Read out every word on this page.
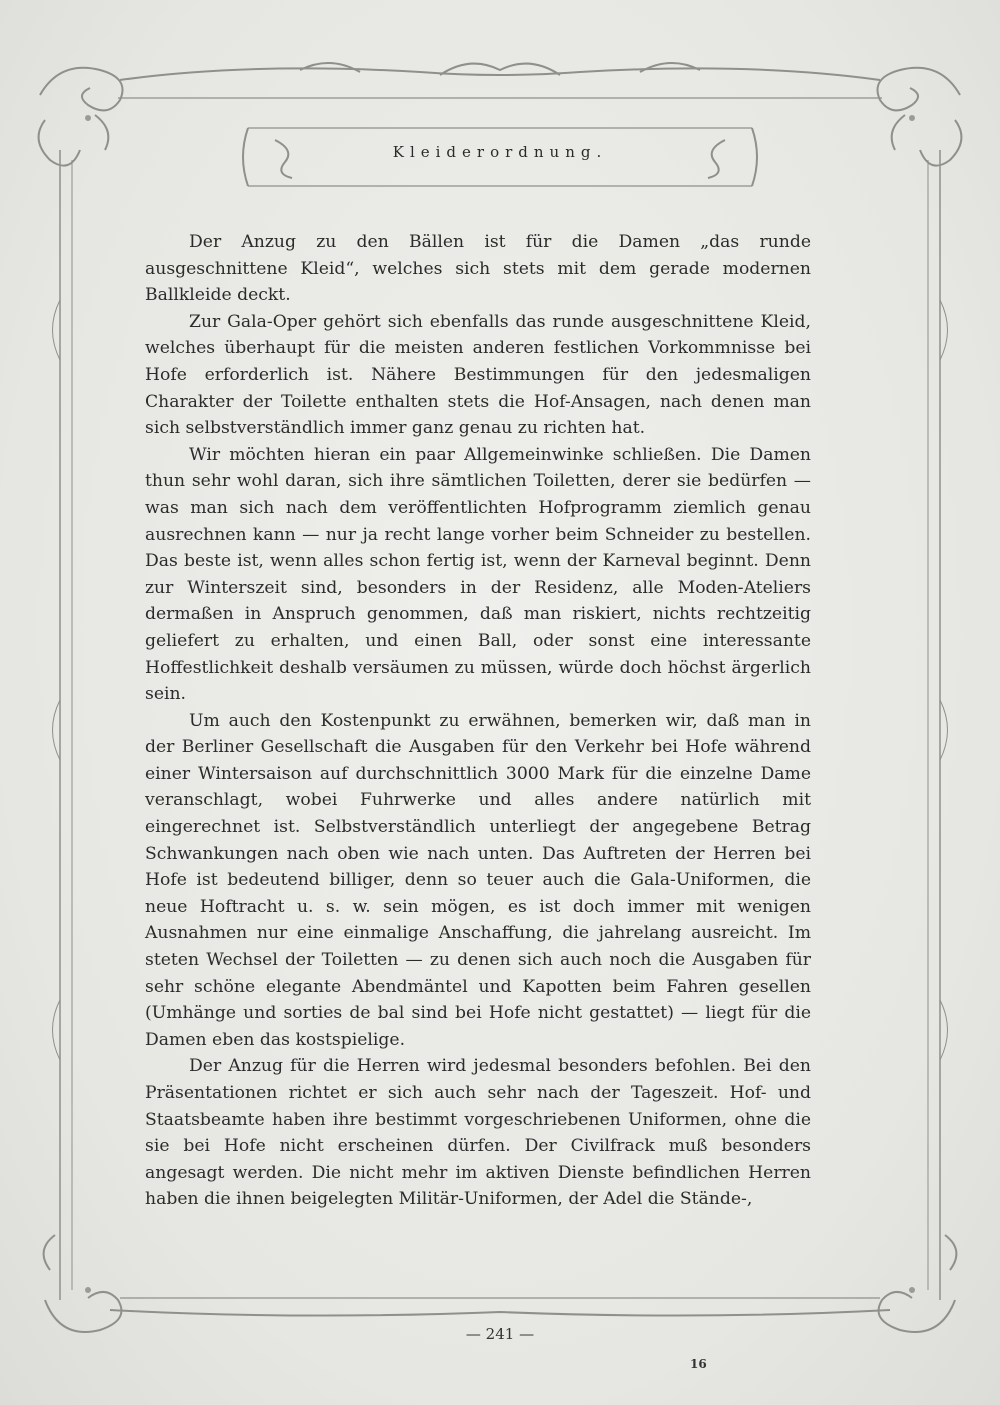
Kleiderordnung.

Der Anzug zu den Bällen ist für die Damen „das runde ausgeschnittene Kleid“, welches sich stets mit dem gerade modernen Ballkleide deckt.

Zur Gala-Oper gehört sich ebenfalls das runde ausgeschnittene Kleid, welches überhaupt für die meisten anderen festlichen Vorkommnisse bei Hofe erforderlich ist. Nähere Bestimmungen für den jedesmaligen Charakter der Toilette enthalten stets die Hof-Ansagen, nach denen man sich selbstverständlich immer ganz genau zu richten hat.

Wir möchten hieran ein paar Allgemeinwinke schließen. Die Damen thun sehr wohl daran, sich ihre sämtlichen Toiletten, derer sie bedürfen — was man sich nach dem veröffentlichten Hofprogramm ziemlich genau ausrechnen kann — nur ja recht lange vorher beim Schneider zu bestellen. Das beste ist, wenn alles schon fertig ist, wenn der Karneval beginnt. Denn zur Winterszeit sind, besonders in der Residenz, alle Moden-Ateliers dermaßen in Anspruch genommen, daß man riskiert, nichts rechtzeitig geliefert zu erhalten, und einen Ball, oder sonst eine interessante Hoffestlichkeit deshalb versäumen zu müssen, würde doch höchst ärgerlich sein.

Um auch den Kostenpunkt zu erwähnen, bemerken wir, daß man in der Berliner Gesellschaft die Ausgaben für den Verkehr bei Hofe während einer Wintersaison auf durchschnittlich 3000 Mark für die einzelne Dame veranschlagt, wobei Fuhrwerke und alles andere natürlich mit eingerechnet ist. Selbstverständlich unterliegt der angegebene Betrag Schwankungen nach oben wie nach unten. Das Auftreten der Herren bei Hofe ist bedeutend billiger, denn so teuer auch die Gala-Uniformen, die neue Hoftracht u. s. w. sein mögen, es ist doch immer mit wenigen Ausnahmen nur eine einmalige Anschaffung, die jahrelang ausreicht. Im steten Wechsel der Toiletten — zu denen sich auch noch die Ausgaben für sehr schöne elegante Abendmäntel und Kapotten beim Fahren gesellen (Umhänge und sorties de bal sind bei Hofe nicht gestattet) — liegt für die Damen eben das kostspielige.

Der Anzug für die Herren wird jedesmal besonders befohlen. Bei den Präsentationen richtet er sich auch sehr nach der Tageszeit. Hof- und Staatsbeamte haben ihre bestimmt vorgeschriebenen Uniformen, ohne die sie bei Hofe nicht erscheinen dürfen. Der Civilfrack muß besonders angesagt werden. Die nicht mehr im aktiven Dienste befindlichen Herren haben die ihnen beigelegten Militär-Uniformen, der Adel die Stände-,

— 241 —
16
